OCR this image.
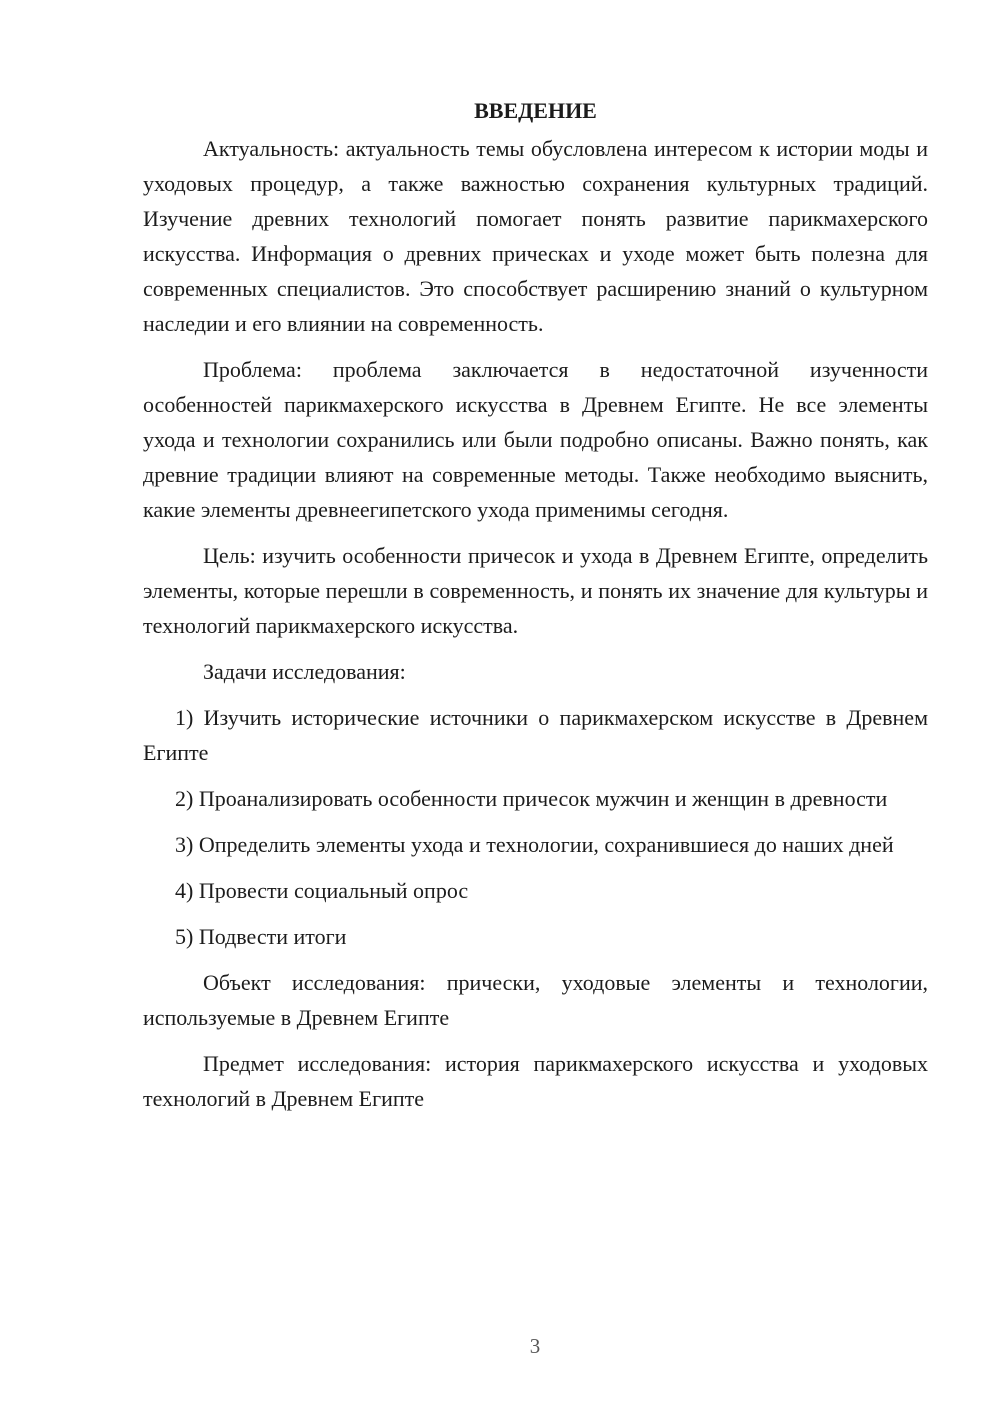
ВВЕДЕНИЕ

Актуальность: актуальность темы обусловлена интересом к истории моды и уходовых процедур, а также важностью сохранения культурных традиций. Изучение древних технологий помогает понять развитие парикмахерского искусства. Информация о древних прическах и уходе может быть полезна для современных специалистов. Это способствует расширению знаний о культурном наследии и его влиянии на современность.

Проблема: проблема заключается в недостаточной изученности особенностей парикмахерского искусства в Древнем Египте. Не все элементы ухода и технологии сохранились или были подробно описаны. Важно понять, как древние традиции влияют на современные методы. Также необходимо выяснить, какие элементы древнеегипетского ухода применимы сегодня.

Цель: изучить особенности причесок и ухода в Древнем Египте, определить элементы, которые перешли в современность, и понять их значение для культуры и технологий парикмахерского искусства.

Задачи исследования:

1) Изучить исторические источники о парикмахерском искусстве в Древнем Египте

2) Проанализировать особенности причесок мужчин и женщин в древности

3) Определить элементы ухода и технологии, сохранившиеся до наших дней

4) Провести социальный опрос

5) Подвести итоги

Объект исследования: прически, уходовые элементы и технологии, используемые в Древнем Египте

Предмет исследования: история парикмахерского искусства и уходовых технологий в Древнем Египте

3
